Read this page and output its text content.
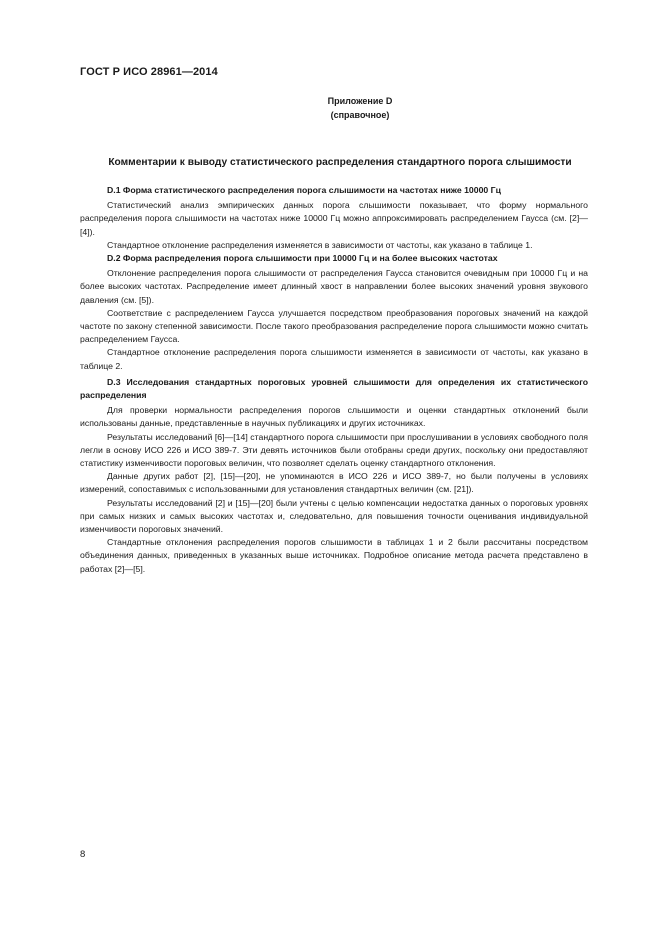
ГОСТ Р ИСО 28961—2014
Приложение D
(справочное)
Комментарии к выводу статистического распределения стандартного порога слышимости

D.1 Форма статистического распределения порога слышимости на частотах ниже 10000 Гц

Статистический анализ эмпирических данных порога слышимости показывает, что форму нормального распределения порога слышимости на частотах ниже 10000 Гц можно аппроксимировать распределением Гаусса (см. [2]—[4]).

Стандартное отклонение распределения изменяется в зависимости от частоты, как указано в таблице 1.

D.2 Форма распределения порога слышимости при 10000 Гц и на более высоких частотах

Отклонение распределения порога слышимости от распределения Гаусса становится очевидным при 10000 Гц и на более высоких частотах. Распределение имеет длинный хвост в направлении более высоких значений уровня звукового давления (см. [5]).

Соответствие с распределением Гаусса улучшается посредством преобразования пороговых значений на каждой частоте по закону степенной зависимости. После такого преобразования распределение порога слышимости можно считать распределением Гаусса.

Стандартное отклонение распределения порога слышимости изменяется в зависимости от частоты, как указано в таблице 2.

D.3 Исследования стандартных пороговых уровней слышимости для определения их статистического распределения

Для проверки нормальности распределения порогов слышимости и оценки стандартных отклонений были использованы данные, представленные в научных публикациях и других источниках.

Результаты исследований [6]—[14] стандартного порога слышимости при прослушивании в условиях свободного поля легли в основу ИСО 226 и ИСО 389-7. Эти девять источников были отобраны среди других, поскольку они предоставляют статистику изменчивости пороговых величин, что позволяет сделать оценку стандартного отклонения.

Данные других работ [2], [15]—[20], не упоминаются в ИСО 226 и ИСО 389-7, но были получены в условиях измерений, сопоставимых с использованными для установления стандартных величин (см. [21]).

Результаты исследований [2] и [15]—[20] были учтены с целью компенсации недостатка данных о пороговых уровнях при самых низких и самых высоких частотах и, следовательно, для повышения точности оценивания индивидуальной изменчивости пороговых значений.

Стандартные отклонения распределения порогов слышимости в таблицах 1 и 2 были рассчитаны посредством объединения данных, приведенных в указанных выше источниках. Подробное описание метода расчета представлено в работах [2]—[5].

8
